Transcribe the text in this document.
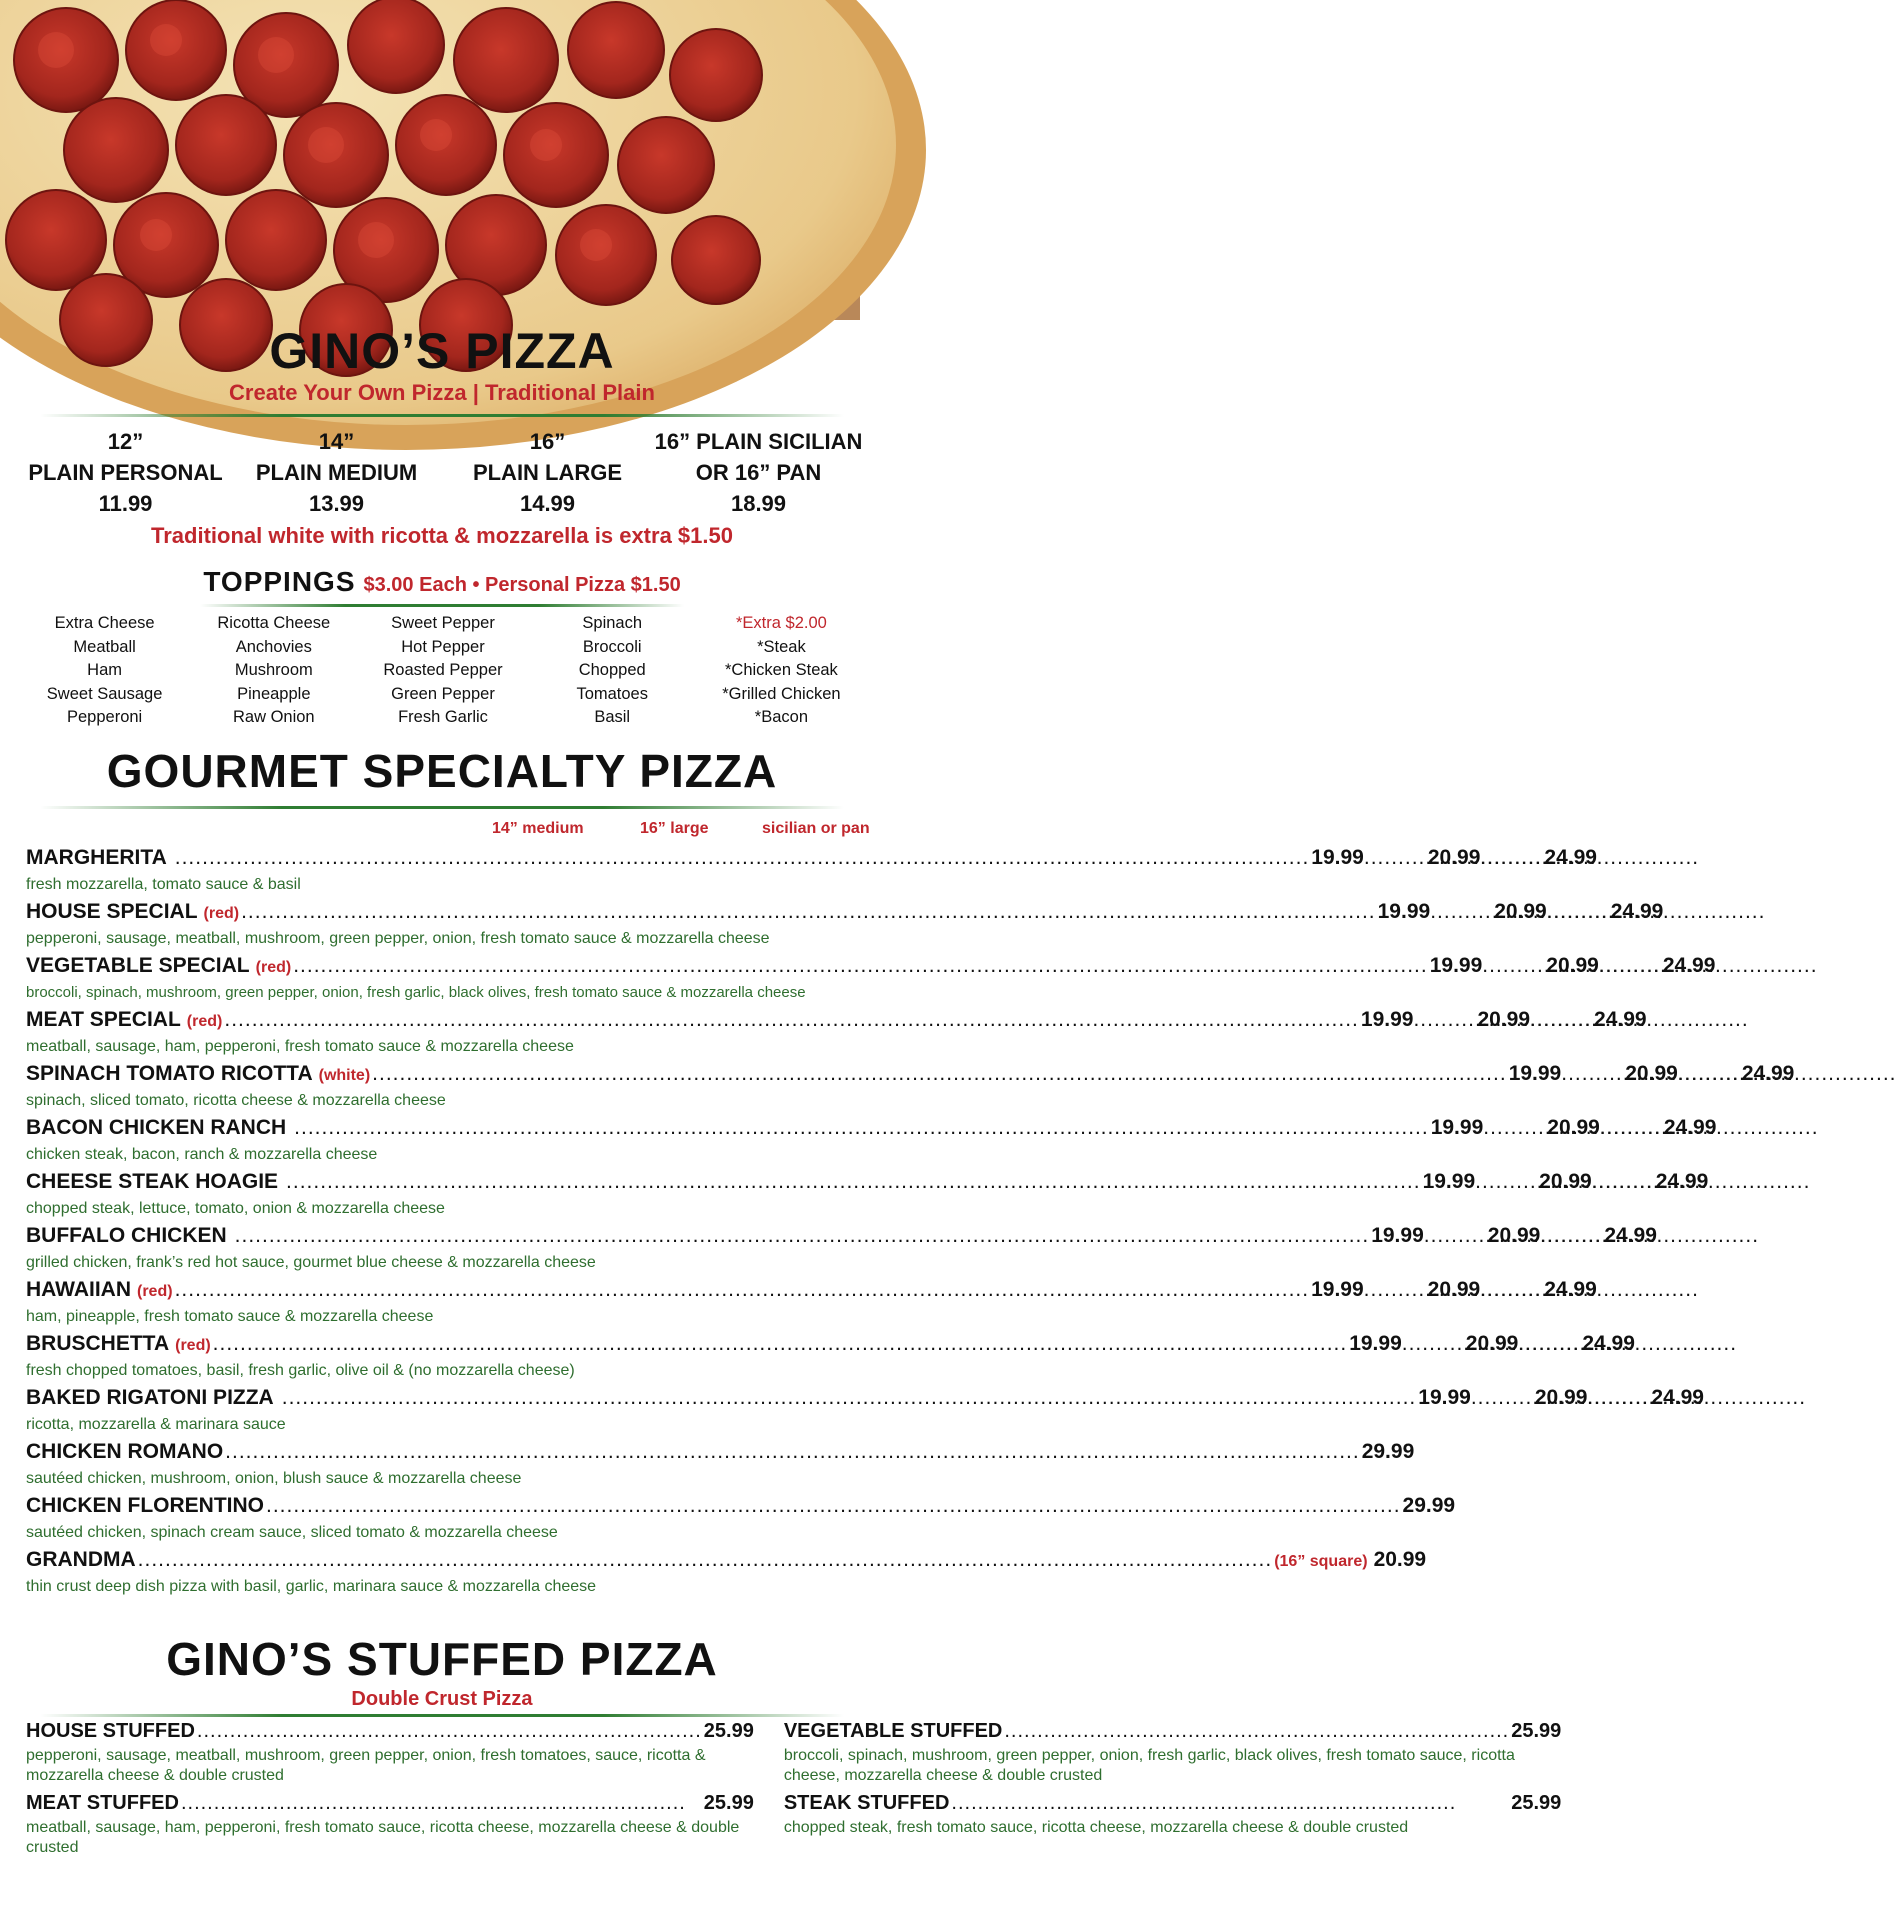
GINO’S PIZZA
Create Your Own Pizza | Traditional Plain
12”
PLAIN PERSONAL
11.99
14”
PLAIN MEDIUM
13.99
16”
PLAIN LARGE
14.99
16” PLAIN SICILIAN
OR 16” PAN
18.99
Traditional white with ricotta & mozzarella is extra $1.50
TOPPINGS $3.00 Each • Personal Pizza $1.50
Extra Cheese
Meatball
Ham
Sweet Sausage
Pepperoni
Ricotta Cheese
Anchovies
Mushroom
Pineapple
Raw Onion
Sweet Pepper
Hot Pepper
Roasted Pepper
Green Pepper
Fresh Garlic
Spinach
Broccoli
Chopped
Tomatoes
Basil
*Extra $2.00
*Steak
*Chicken Steak
*Grilled Chicken
*Bacon
GOURMET SPECIALTY PIZZA
14” medium	16” large	sicilian or pan
MARGHERITA .....	19.99 .....	20.99 .....	24.99
fresh mozzarella, tomato sauce & basil
HOUSE SPECIAL (red) .....	19.99 .....	20.99 .....	24.99
pepperoni, sausage, meatball, mushroom, green pepper, onion, fresh tomato sauce & mozzarella cheese
VEGETABLE SPECIAL (red) .....	19.99 .....	20.99 .....	24.99
broccoli, spinach, mushroom, green pepper, onion, fresh garlic, black olives, fresh tomato sauce & mozzarella cheese
MEAT SPECIAL (red) .....	19.99 .....	20.99 .....	24.99
meatball, sausage, ham, pepperoni, fresh tomato sauce & mozzarella cheese
SPINACH TOMATO RICOTTA (white) .....	19.99 .....	20.99 .....	24.99
spinach, sliced tomato, ricotta cheese & mozzarella cheese
BACON CHICKEN RANCH .....	19.99 .....	20.99 .....	24.99
chicken steak, bacon, ranch & mozzarella cheese
CHEESE STEAK HOAGIE .....	19.99 .....	20.99 .....	24.99
chopped steak, lettuce, tomato, onion & mozzarella cheese
BUFFALO CHICKEN .....	19.99 .....	20.99 .....	24.99
grilled chicken, frank’s red hot sauce, gourmet blue cheese & mozzarella cheese
HAWAIIAN (red) .....	19.99 .....	20.99 .....	24.99
ham, pineapple, fresh tomato sauce & mozzarella cheese
BRUSCHETTA (red) .....	19.99 .....	20.99 .....	24.99
fresh chopped tomatoes, basil, fresh garlic, olive oil & (no mozzarella cheese)
BAKED RIGATONI PIZZA .....	19.99 .....	20.99 .....	24.99
ricotta, mozzarella & marinara sauce
CHICKEN ROMANO .....	29.99
sautéed chicken, mushroom, onion, blush sauce & mozzarella cheese
CHICKEN FLORENTINO .....	29.99
sautéed chicken, spinach cream sauce, sliced tomato & mozzarella cheese
GRANDMA .....	(16” square) 20.99
thin crust deep dish pizza with basil, garlic, marinara sauce & mozzarella cheese
GINO’S STUFFED PIZZA
Double Crust Pizza
HOUSE STUFFED .....	25.99
pepperoni, sausage, meatball, mushroom, green pepper, onion, fresh tomatoes, sauce, ricotta & mozzarella cheese & double crusted
MEAT STUFFED .....	25.99
meatball, sausage, ham, pepperoni, fresh tomato sauce, ricotta cheese, mozzarella cheese & double crusted
VEGETABLE STUFFED .....	25.99
broccoli, spinach, mushroom, green pepper, onion, fresh garlic, black olives, fresh tomato sauce, ricotta cheese, mozzarella cheese & double crusted
STEAK STUFFED .....	25.99
chopped steak, fresh tomato sauce, ricotta cheese, mozzarella cheese & double crusted
